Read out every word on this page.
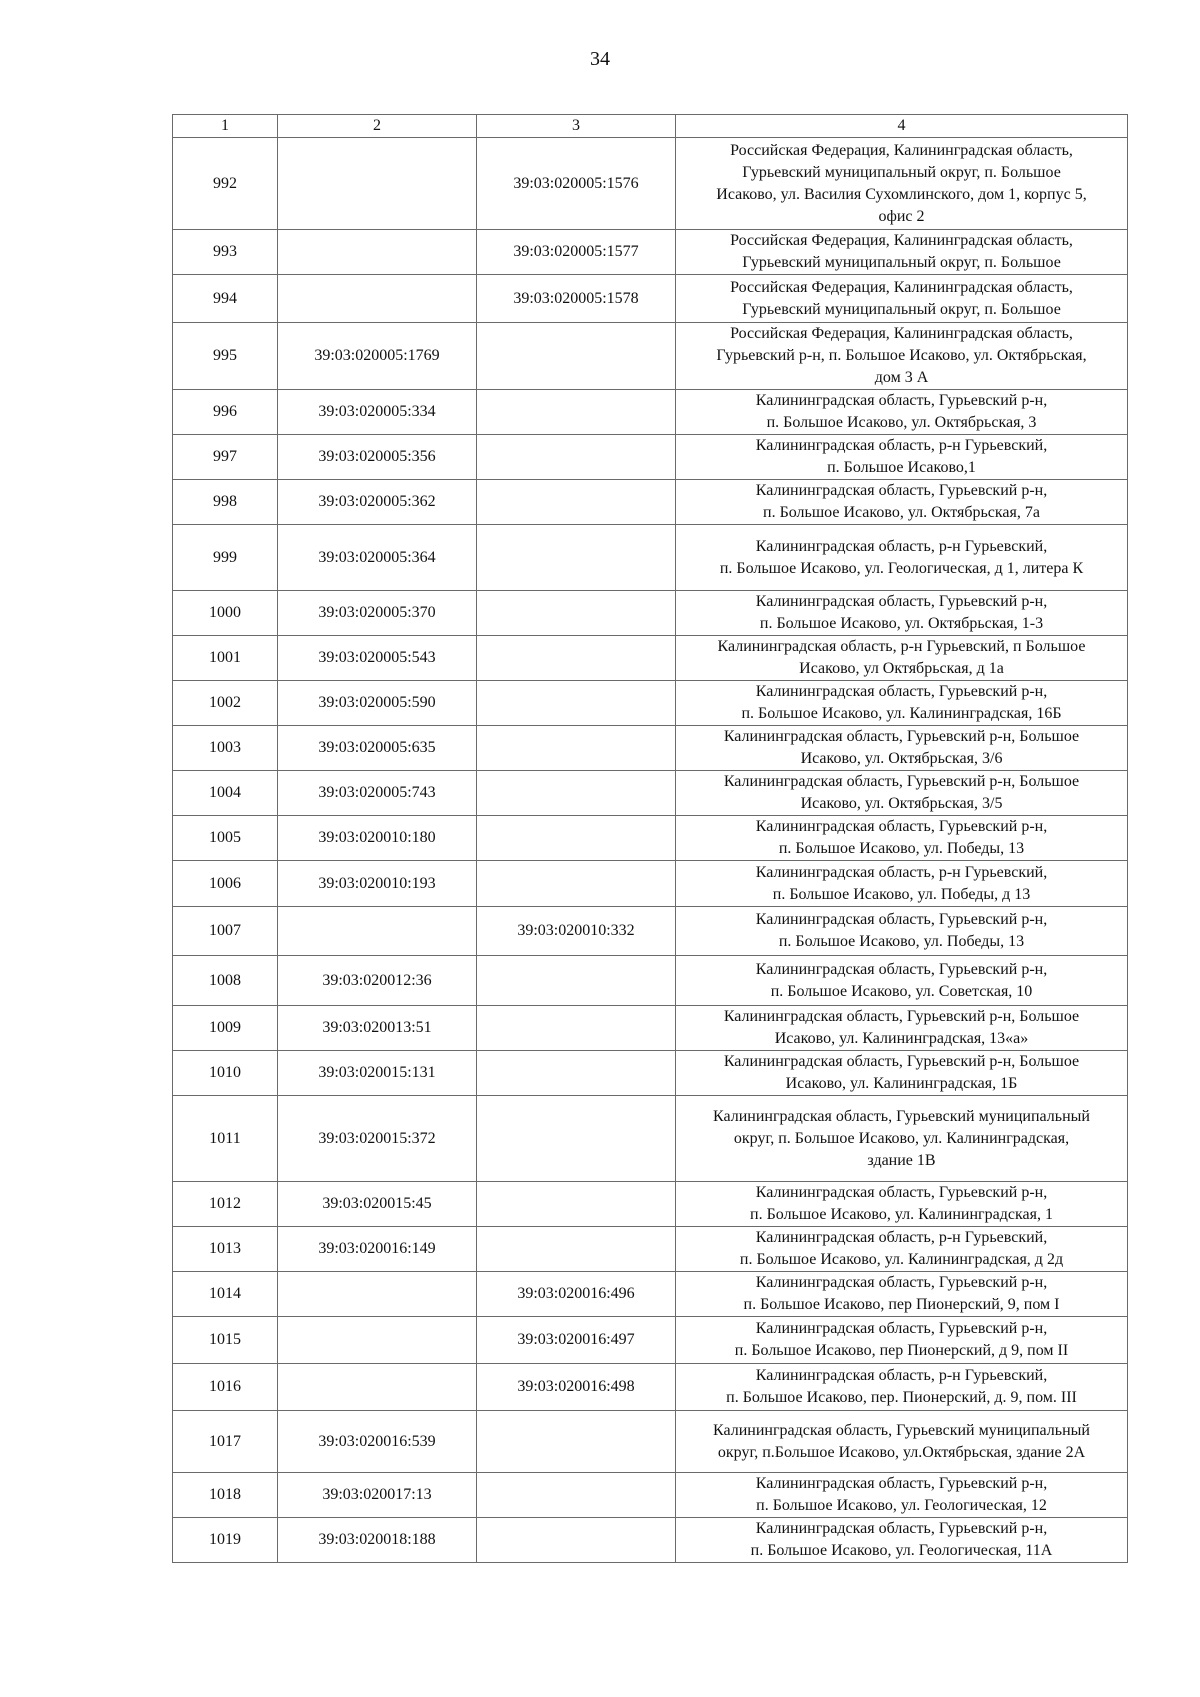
34
1	2	3	4
992		39:03:020005:1576	Российская Федерация, Калининградская область,
Гурьевский муниципальный округ, п. Большое
Исаково, ул. Василия Сухомлинского, дом 1, корпус 5,
офис 2
993		39:03:020005:1577	Российская Федерация, Калининградская область,
Гурьевский муниципальный округ, п. Большое
994		39:03:020005:1578	Российская Федерация, Калининградская область,
Гурьевский муниципальный округ, п. Большое
995	39:03:020005:1769		Российская Федерация, Калининградская область,
Гурьевский р-н, п. Большое Исаково, ул. Октябрьская,
дом 3 А
996	39:03:020005:334		Калининградская область, Гурьевский р-н,
п. Большое Исаково, ул. Октябрьская, 3
997	39:03:020005:356		Калининградская область, р-н Гурьевский,
п. Большое Исаково,1
998	39:03:020005:362		Калининградская область, Гурьевский р-н,
п. Большое Исаково, ул. Октябрьская, 7а
999	39:03:020005:364		Калининградская область, р-н Гурьевский,
п. Большое Исаково, ул. Геологическая, д 1, литера К
1000	39:03:020005:370		Калининградская область, Гурьевский р-н,
п. Большое Исаково, ул. Октябрьская, 1-3
1001	39:03:020005:543		Калининградская область, р-н Гурьевский, п Большое
Исаково, ул Октябрьская, д 1а
1002	39:03:020005:590		Калининградская область, Гурьевский р-н,
п. Большое Исаково, ул. Калининградская, 16Б
1003	39:03:020005:635		Калининградская область, Гурьевский р-н, Большое
Исаково, ул. Октябрьская, 3/6
1004	39:03:020005:743		Калининградская область, Гурьевский р-н, Большое
Исаково, ул. Октябрьская, 3/5
1005	39:03:020010:180		Калининградская область, Гурьевский р-н,
п. Большое Исаково, ул. Победы, 13
1006	39:03:020010:193		Калининградская область, р-н Гурьевский,
п. Большое Исаково, ул. Победы, д 13
1007		39:03:020010:332	Калининградская область, Гурьевский р-н,
п. Большое Исаково, ул. Победы, 13
1008	39:03:020012:36		Калининградская область, Гурьевский р-н,
п. Большое Исаково, ул. Советская, 10
1009	39:03:020013:51		Калининградская область, Гурьевский р-н, Большое
Исаково, ул. Калининградская, 13«а»
1010	39:03:020015:131		Калининградская область, Гурьевский р-н, Большое
Исаково, ул. Калининградская, 1Б
1011	39:03:020015:372		Калининградская область, Гурьевский муниципальный
округ, п. Большое Исаково, ул. Калининградская,
здание 1В
1012	39:03:020015:45		Калининградская область, Гурьевский р-н,
п. Большое Исаково, ул. Калининградская, 1
1013	39:03:020016:149		Калининградская область, р-н Гурьевский,
п. Большое Исаково, ул. Калининградская, д 2д
1014		39:03:020016:496	Калининградская область, Гурьевский р-н,
п. Большое Исаково, пер Пионерский, 9, пом I
1015		39:03:020016:497	Калининградская область, Гурьевский р-н,
п. Большое Исаково, пер Пионерский, д 9, пом II
1016		39:03:020016:498	Калининградская область, р-н Гурьевский,
п. Большое Исаково, пер. Пионерский, д. 9, пом. III
1017	39:03:020016:539		Калининградская область, Гурьевский муниципальный
округ, п.Большое Исаково, ул.Октябрьская, здание 2А
1018	39:03:020017:13		Калининградская область, Гурьевский р-н,
п. Большое Исаково, ул. Геологическая, 12
1019	39:03:020018:188		Калининградская область, Гурьевский р-н,
п. Большое Исаково, ул. Геологическая, 11А
